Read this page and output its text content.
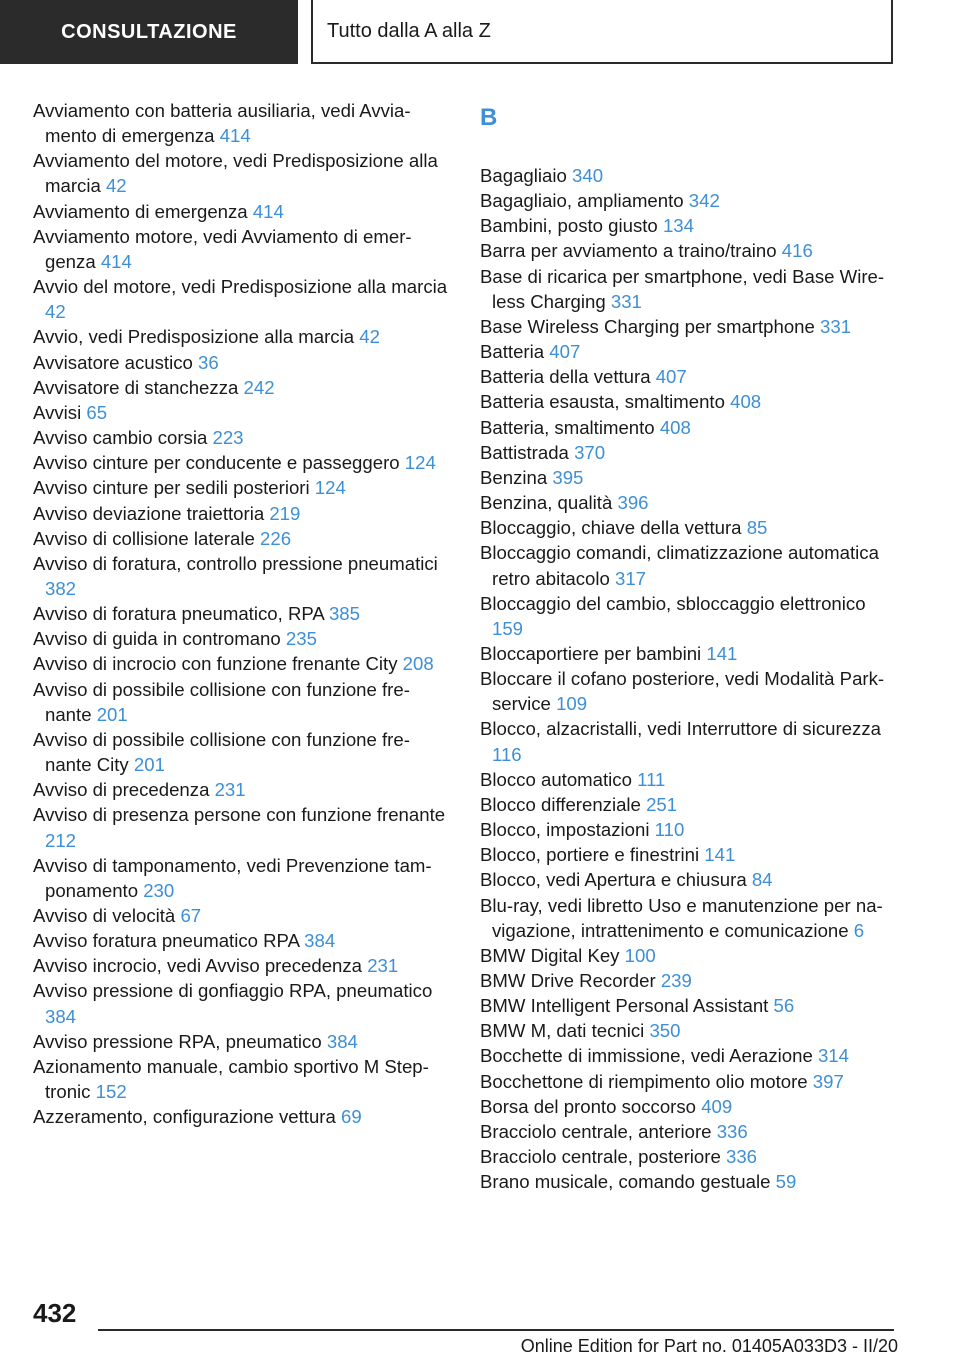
CONSULTAZIONE	Tutto dalla A alla Z

Avviamento con batteria ausiliaria, vedi Avviamento di emergenza 414

Avviamento del motore, vedi Predisposizione alla marcia 42

Avviamento di emergenza 414

Avviamento motore, vedi Avviamento di emergenza 414

Avvio del motore, vedi Predisposizione alla marcia 42

Avvio, vedi Predisposizione alla marcia 42

Avvisatore acustico 36

Avvisatore di stanchezza 242

Avvisi 65

Avviso cambio corsia 223

Avviso cinture per conducente e passeggero 124

Avviso cinture per sedili posteriori 124

Avviso deviazione traiettoria 219

Avviso di collisione laterale 226

Avviso di foratura, controllo pressione pneumatici 382

Avviso di foratura pneumatico, RPA 385

Avviso di guida in contromano 235

Avviso di incrocio con funzione frenante City 208

Avviso di possibile collisione con funzione frenante 201

Avviso di possibile collisione con funzione frenante City 201

Avviso di precedenza 231

Avviso di presenza persone con funzione frenante 212

Avviso di tamponamento, vedi Prevenzione tamponamento 230

Avviso di velocità 67

Avviso foratura pneumatico RPA 384

Avviso incrocio, vedi Avviso precedenza 231

Avviso pressione di gonfiaggio RPA, pneumatico 384

Avviso pressione RPA, pneumatico 384

Azionamento manuale, cambio sportivo M Steptronic 152

Azzeramento, configurazione vettura 69

B

Bagagliaio 340

Bagagliaio, ampliamento 342

Bambini, posto giusto 134

Barra per avviamento a traino/traino 416

Base di ricarica per smartphone, vedi Base Wireless Charging 331

Base Wireless Charging per smartphone 331

Batteria 407

Batteria della vettura 407

Batteria esausta, smaltimento 408

Batteria, smaltimento 408

Battistrada 370

Benzina 395

Benzina, qualità 396

Bloccaggio, chiave della vettura 85

Bloccaggio comandi, climatizzazione automatica retro abitacolo 317

Bloccaggio del cambio, sbloccaggio elettronico 159

Bloccaportiere per bambini 141

Bloccare il cofano posteriore, vedi Modalità Parkservice 109

Blocco, alzacristalli, vedi Interruttore di sicurezza 116

Blocco automatico 111

Blocco differenziale 251

Blocco, impostazioni 110

Blocco, portiere e finestrini 141

Blocco, vedi Apertura e chiusura 84

Blu-ray, vedi libretto Uso e manutenzione per navigazione, intrattenimento e comunicazione 6

BMW Digital Key 100

BMW Drive Recorder 239

BMW Intelligent Personal Assistant 56

BMW M, dati tecnici 350

Bocchette di immissione, vedi Aerazione 314

Bocchettone di riempimento olio motore 397

Borsa del pronto soccorso 409

Bracciolo centrale, anteriore 336

Bracciolo centrale, posteriore 336

Brano musicale, comando gestuale 59

432
Online Edition for Part no. 01405A033D3 - II/20
